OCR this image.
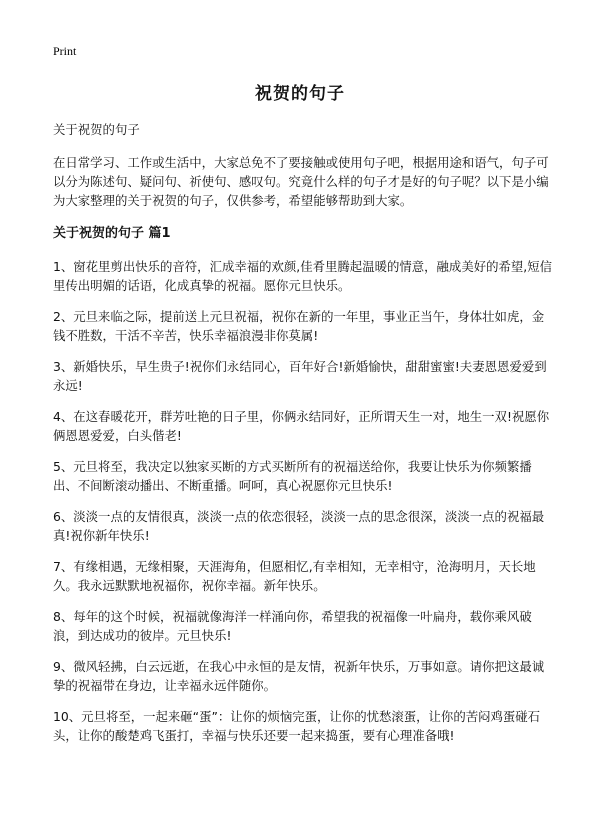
Print
祝贺的句子

关于祝贺的句子

在日常学习、工作或生活中，大家总免不了要接触或使用句子吧，根据用途和语气，句子可以分为陈述句、疑问句、祈使句、感叹句。究竟什么样的句子才是好的句子呢？以下是小编为大家整理的关于祝贺的句子，仅供参考，希望能够帮助到大家。

关于祝贺的句子 篇1

1、窗花里剪出快乐的音符，汇成幸福的欢颜,佳肴里腾起温暖的情意，融成美好的希望,短信里传出明媚的话语，化成真挚的祝福。愿你元旦快乐。

2、元旦来临之际，提前送上元旦祝福，祝你在新的一年里，事业正当午，身体壮如虎，金钱不胜数，干活不辛苦，快乐幸福浪漫非你莫属!

3、新婚快乐，早生贵子!祝你们永结同心，百年好合!新婚愉快，甜甜蜜蜜!夫妻恩恩爱爱到永远!

4、在这春暖花开，群芳吐艳的日子里，你俩永结同好，正所谓天生一对，地生一双!祝愿你俩恩恩爱爱，白头偕老!

5、元旦将至，我决定以独家买断的方式买断所有的祝福送给你，我要让快乐为你频繁播出、不间断滚动播出、不断重播。呵呵，真心祝愿你元旦快乐!

6、淡淡一点的友情很真，淡淡一点的依恋很轻，淡淡一点的思念很深，淡淡一点的祝福最真!祝你新年快乐!

7、有缘相遇，无缘相聚，天涯海角，但愿相忆,有幸相知，无幸相守，沧海明月，天长地久。我永远默默地祝福你，祝你幸福。新年快乐。

8、每年的这个时候，祝福就像海洋一样涌向你，希望我的祝福像一叶扁舟，载你乘风破浪，到达成功的彼岸。元旦快乐!

9、微风轻拂，白云远逝，在我心中永恒的是友情，祝新年快乐，万事如意。请你把这最诚挚的祝福带在身边，让幸福永远伴随你。

10、元旦将至，一起来砸“蛋”：让你的烦恼完蛋，让你的忧愁滚蛋，让你的苦闷鸡蛋碰石头，让你的酸楚鸡飞蛋打，幸福与快乐还要一起来捣蛋，要有心理准备哦!
